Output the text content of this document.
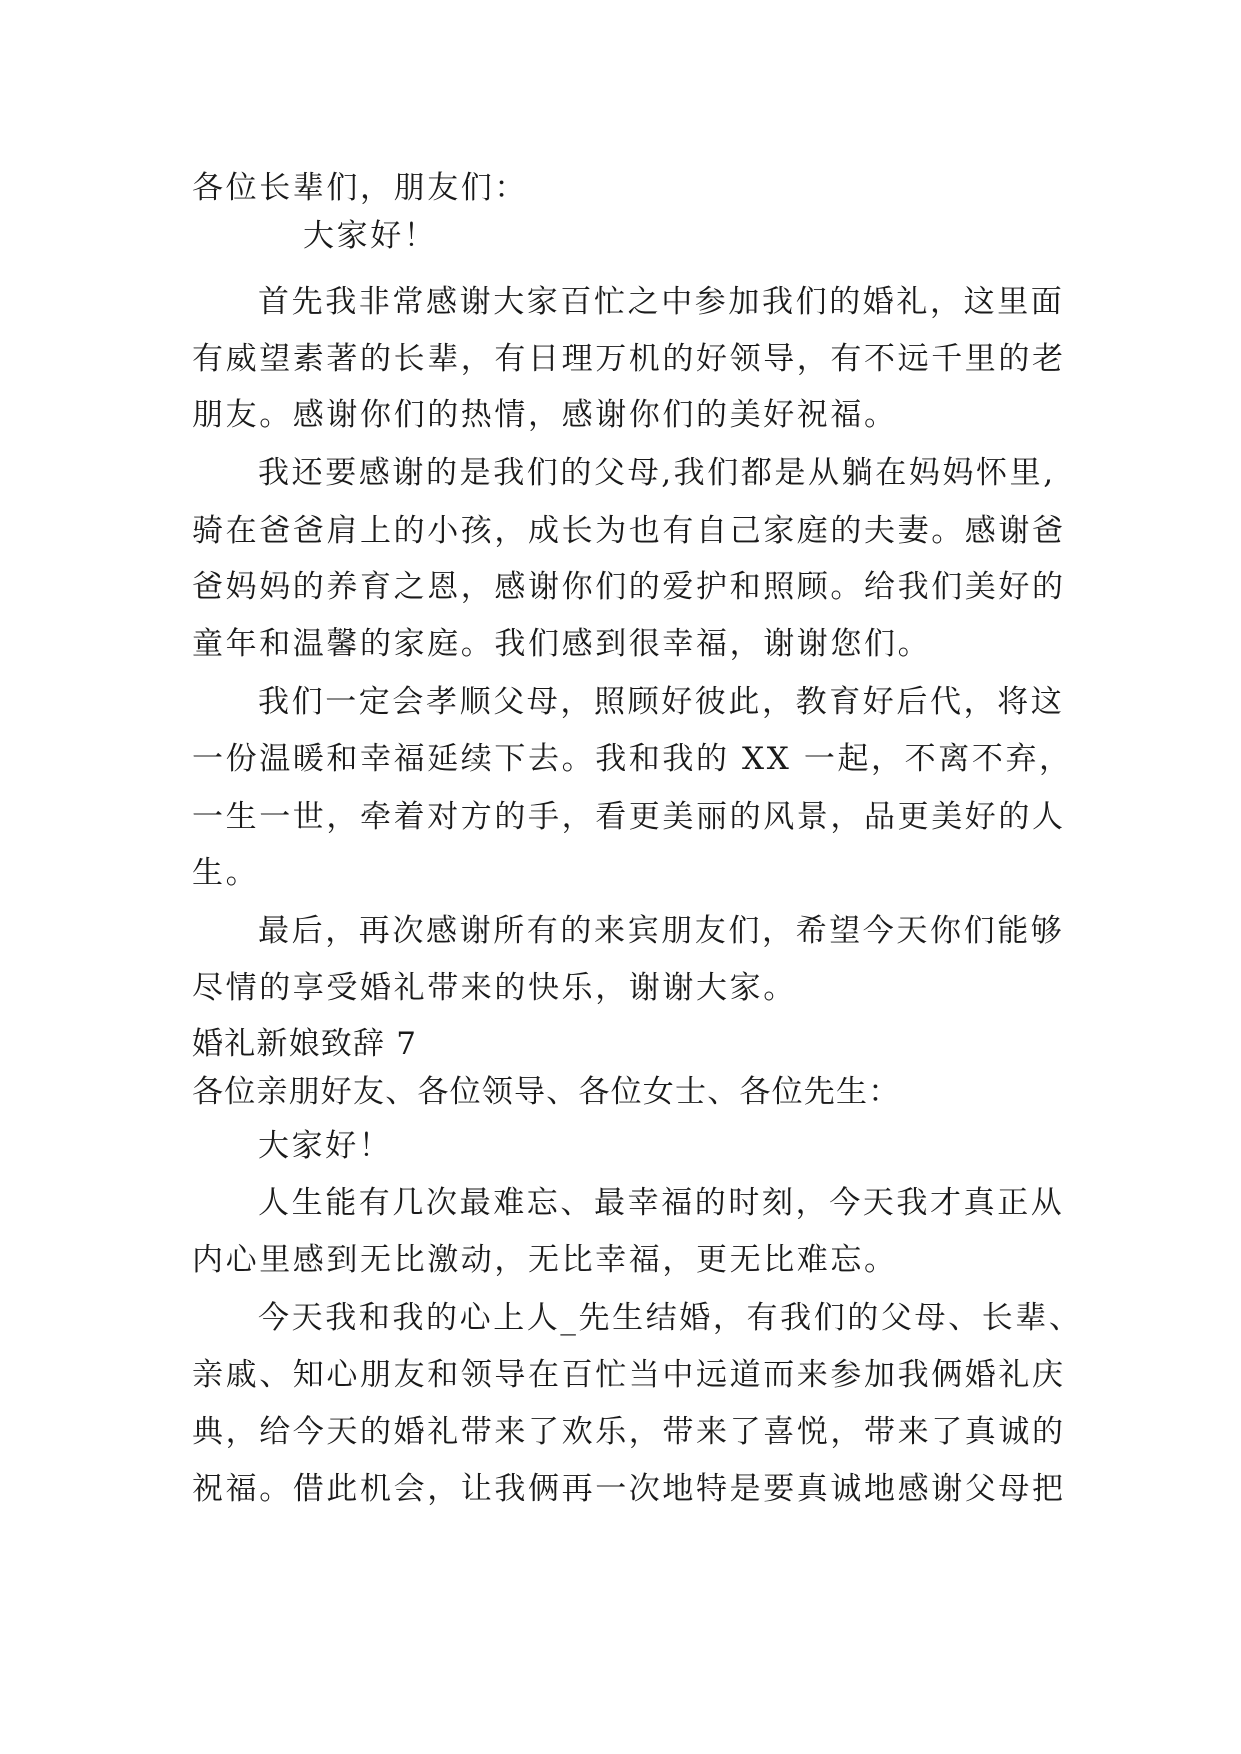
各位长辈们，朋友们：
大家好！
首先我非常感谢大家百忙之中参加我们的婚礼，这里面
有威望素著的长辈，有日理万机的好领导，有不远千里的老
朋友。感谢你们的热情，感谢你们的美好祝福。
我还要感谢的是我们的父母,我们都是从躺在妈妈怀里,
骑在爸爸肩上的小孩，成长为也有自己家庭的夫妻。感谢爸
爸妈妈的养育之恩，感谢你们的爱护和照顾。给我们美好的
童年和温馨的家庭。我们感到很幸福，谢谢您们。
我们一定会孝顺父母，照顾好彼此，教育好后代，将这
一份温暖和幸福延续下去。我和我的 XX 一起，不离不弃，
一生一世，牵着对方的手，看更美丽的风景，品更美好的人
生。
最后，再次感谢所有的来宾朋友们，希望今天你们能够
尽情的享受婚礼带来的快乐，谢谢大家。
婚礼新娘致辞 7
各位亲朋好友、各位领导、各位女士、各位先生：
大家好！
人生能有几次最难忘、最幸福的时刻，今天我才真正从
内心里感到无比激动，无比幸福，更无比难忘。
今天我和我的心上人_先生结婚，有我们的父母、长辈、
亲戚、知心朋友和领导在百忙当中远道而来参加我俩婚礼庆
典，给今天的婚礼带来了欢乐，带来了喜悦，带来了真诚的
祝福。借此机会，让我俩再一次地特是要真诚地感谢父母把
